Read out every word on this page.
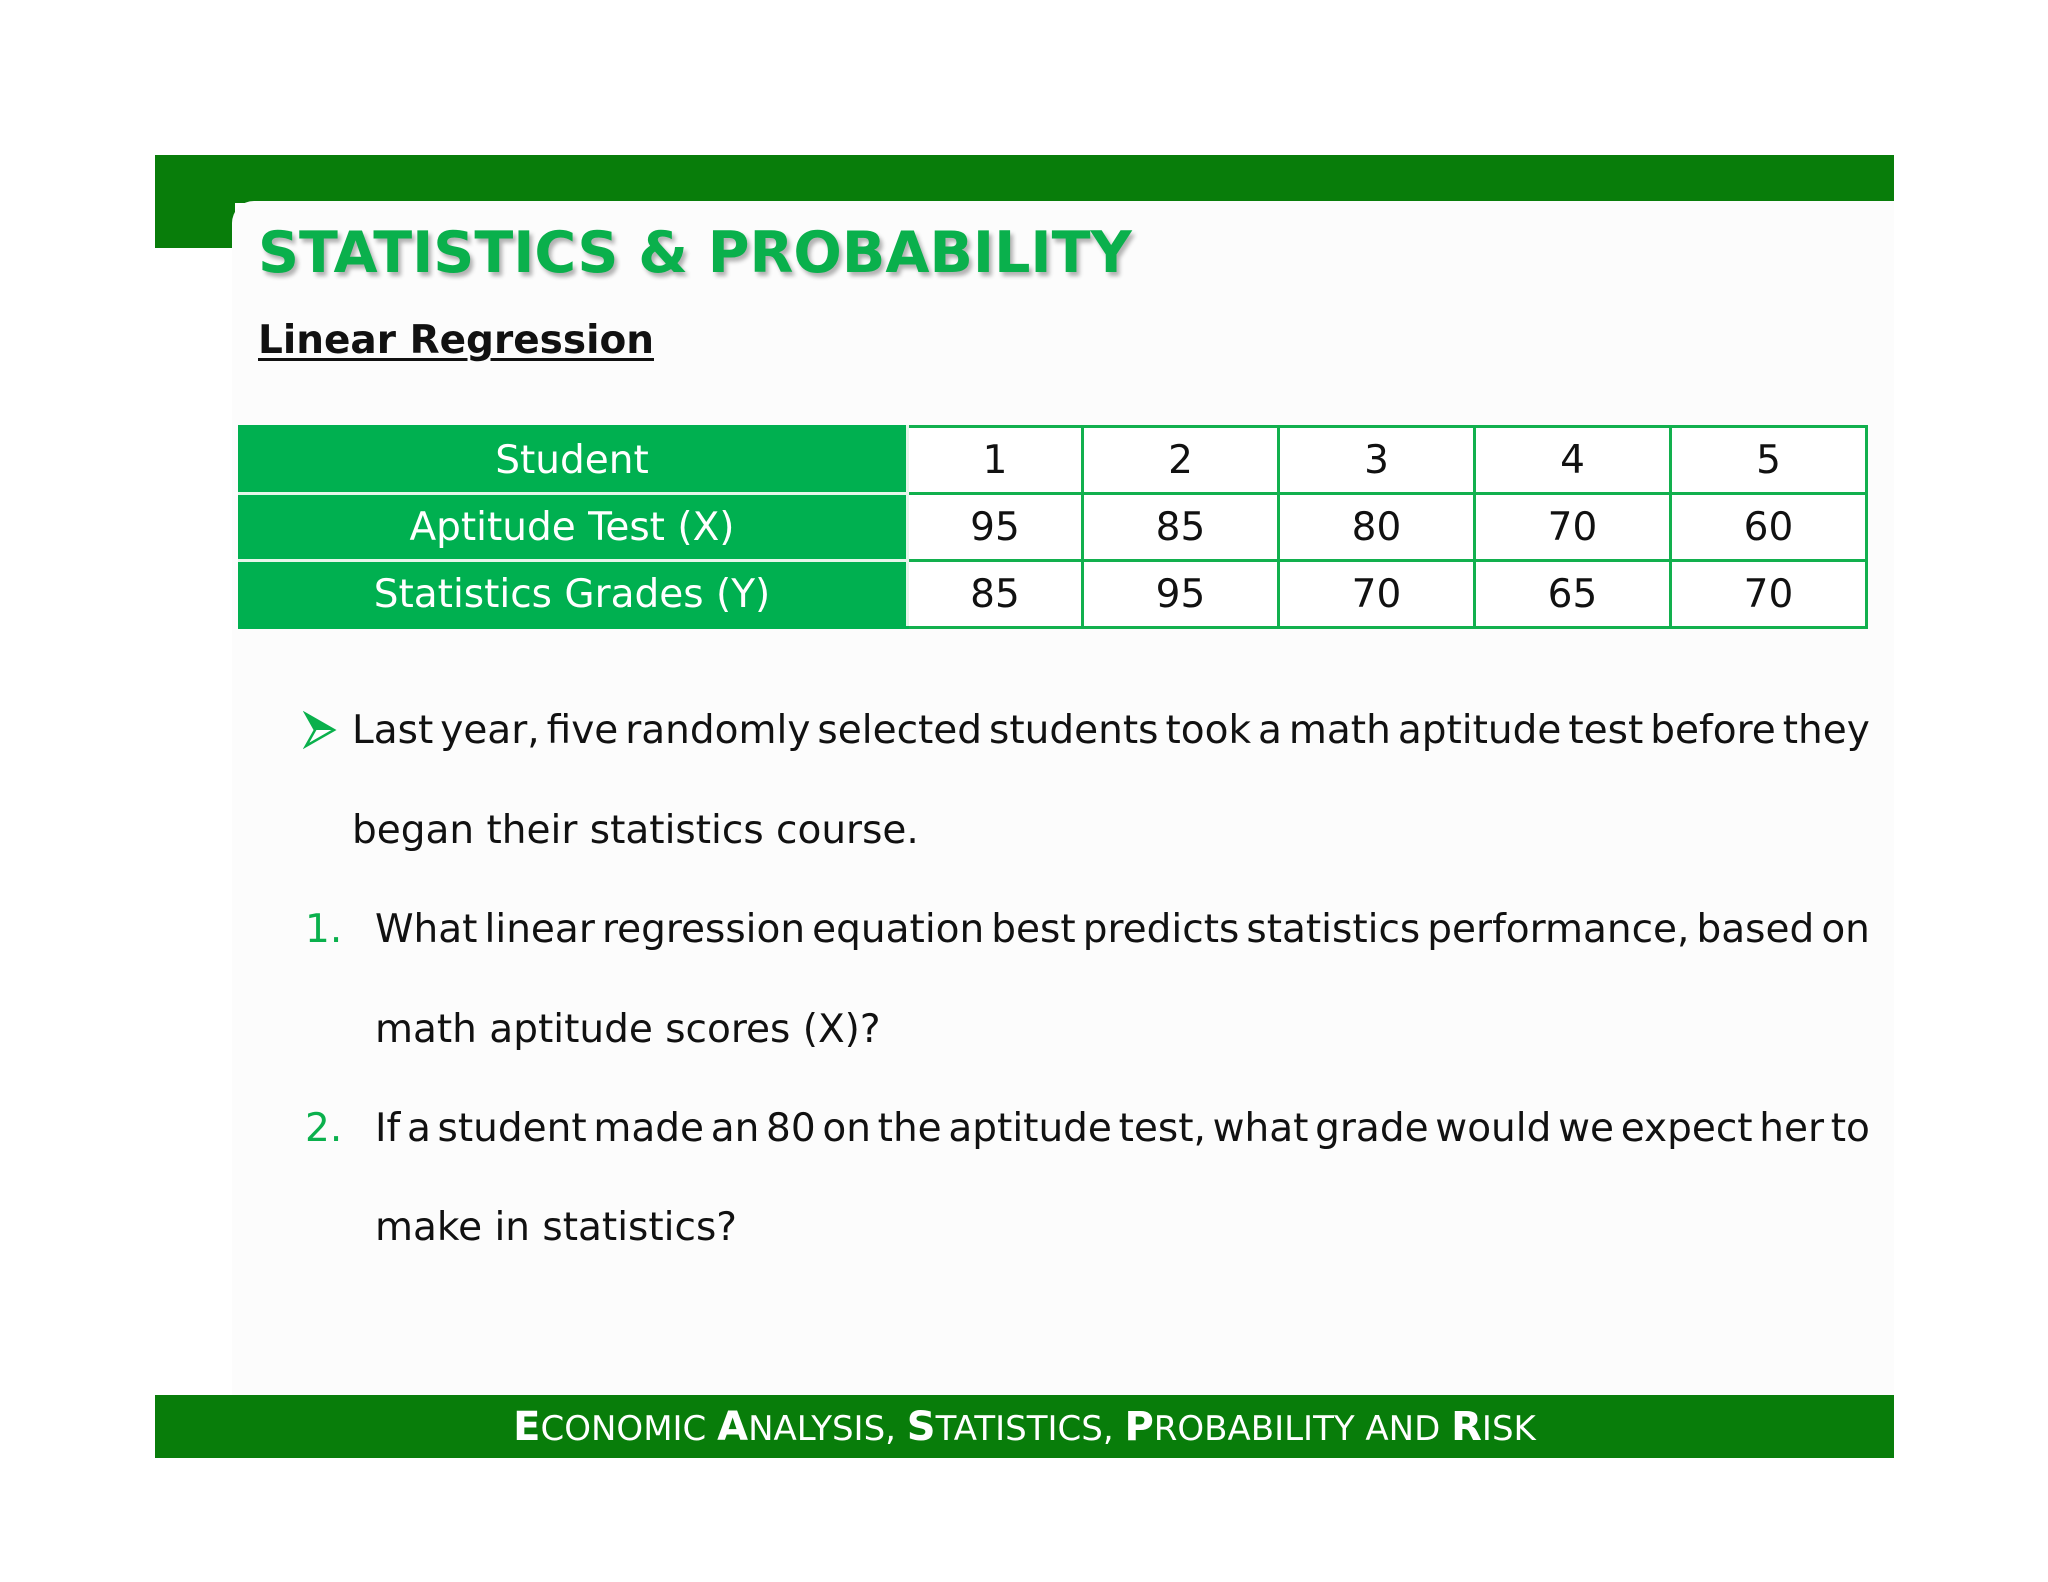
STATISTICS & PROBABILITY
Linear Regression
Student	1	2	3	4	5
Aptitude Test (X)	95	85	80	70	60
Statistics Grades (Y)	85	95	70	65	70
Last year, five randomly selected students took a math aptitude test before they
began their statistics course.
1. What linear regression equation best predicts statistics performance, based on
math aptitude scores (X)?
2. If a student made an 80 on the aptitude test, what grade would we expect her to
make in statistics?
ECONOMIC ANALYSIS, STATISTICS, PROBABILITY AND RISK
